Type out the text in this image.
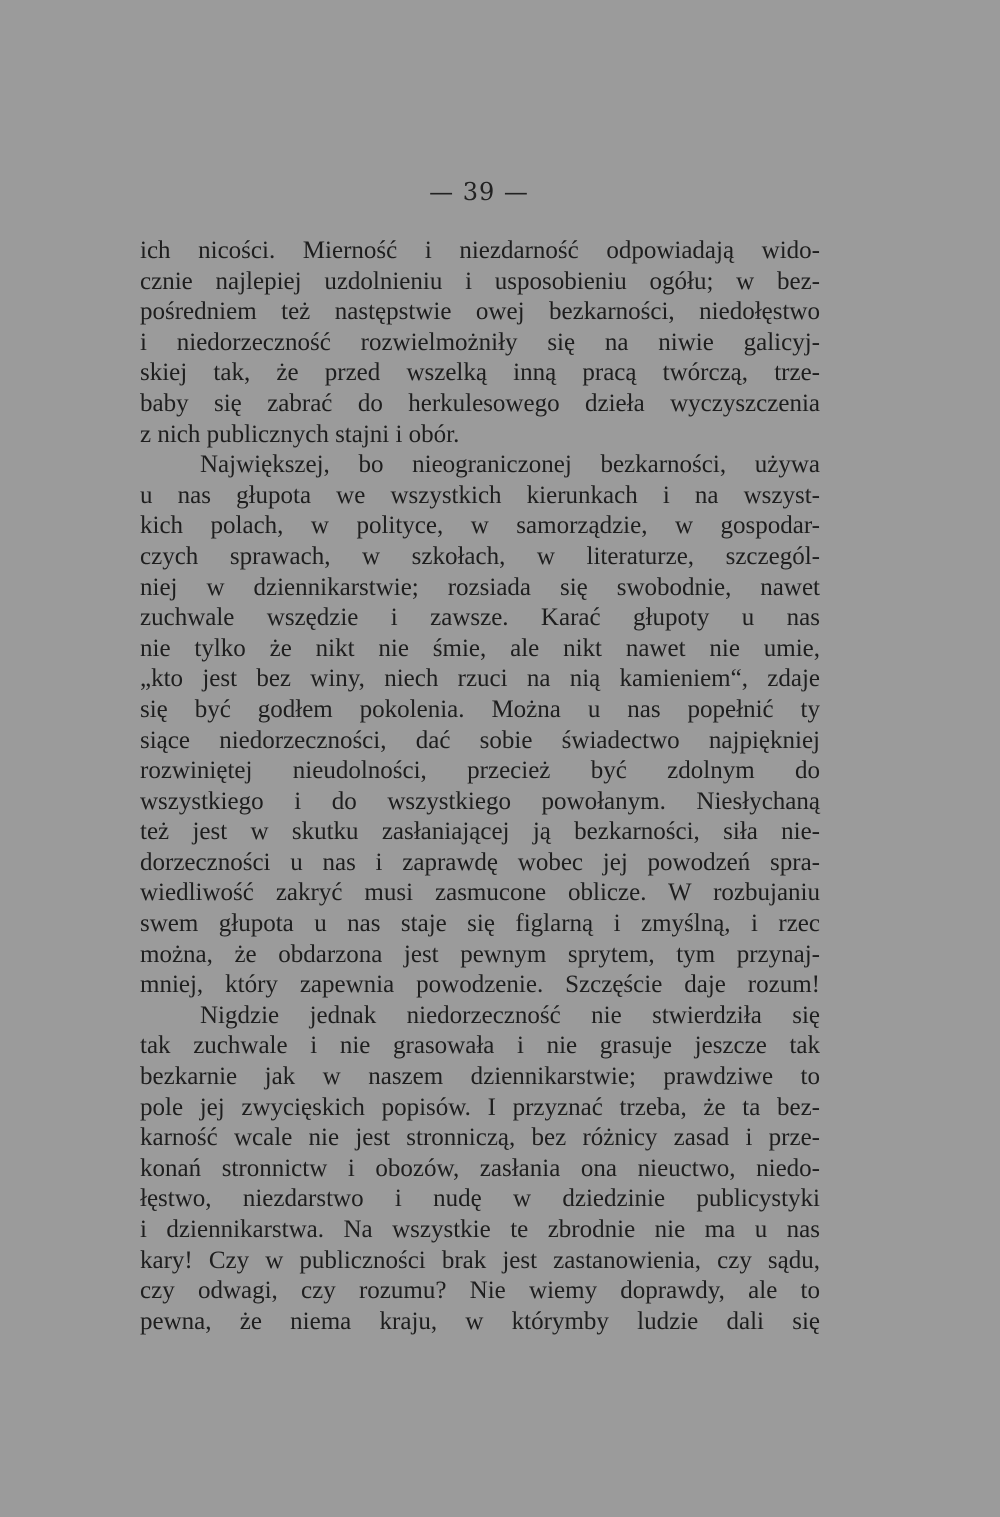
— 39 —
ich nicości. Mierność i niezdarność odpowiadają wido-
cznie najlepiej uzdolnieniu i usposobieniu ogółu; w bez-
pośredniem też następstwie owej bezkarności, niedołęstwo
i niedorzeczność rozwielmożniły się na niwie galicyj-
skiej tak, że przed wszelką inną pracą twórczą, trze-
baby się zabrać do herkulesowego dzieła wyczyszczenia
z nich publicznych stajni i obór.
Największej, bo nieograniczonej bezkarności, używa
u nas głupota we wszystkich kierunkach i na wszyst-
kich polach, w polityce, w samorządzie, w gospodar-
czych sprawach, w szkołach, w literaturze, szczegól-
niej w dziennikarstwie; rozsiada się swobodnie, nawet
zuchwale wszędzie i zawsze. Karać głupoty u nas
nie tylko że nikt nie śmie, ale nikt nawet nie umie,
„kto jest bez winy, niech rzuci na nią kamieniem“, zdaje
się być godłem pokolenia. Można u nas popełnić ty
siące niedorzeczności, dać sobie świadectwo najpiękniej
rozwiniętej nieudolności, przecież być zdolnym do
wszystkiego i do wszystkiego powołanym. Niesłychaną
też jest w skutku zasłaniającej ją bezkarności, siła nie-
dorzeczności u nas i zaprawdę wobec jej powodzeń spra-
wiedliwość zakryć musi zasmucone oblicze. W rozbujaniu
swem głupota u nas staje się figlarną i zmyślną, i rzec
można, że obdarzona jest pewnym sprytem, tym przynaj-
mniej, który zapewnia powodzenie. Szczęście daje rozum!
Nigdzie jednak niedorzeczność nie stwierdziła się
tak zuchwale i nie grasowała i nie grasuje jeszcze tak
bezkarnie jak w naszem dziennikarstwie; prawdziwe to
pole jej zwycięskich popisów. I przyznać trzeba, że ta bez-
karność wcale nie jest stronniczą, bez różnicy zasad i prze-
konań stronnictw i obozów, zasłania ona nieuctwo, niedo-
łęstwo, niezdarstwo i nudę w dziedzinie publicystyki
i dziennikarstwa. Na wszystkie te zbrodnie nie ma u nas
kary! Czy w publiczności brak jest zastanowienia, czy sądu,
czy odwagi, czy rozumu? Nie wiemy doprawdy, ale to
pewna, że niema kraju, w którymby ludzie dali się
